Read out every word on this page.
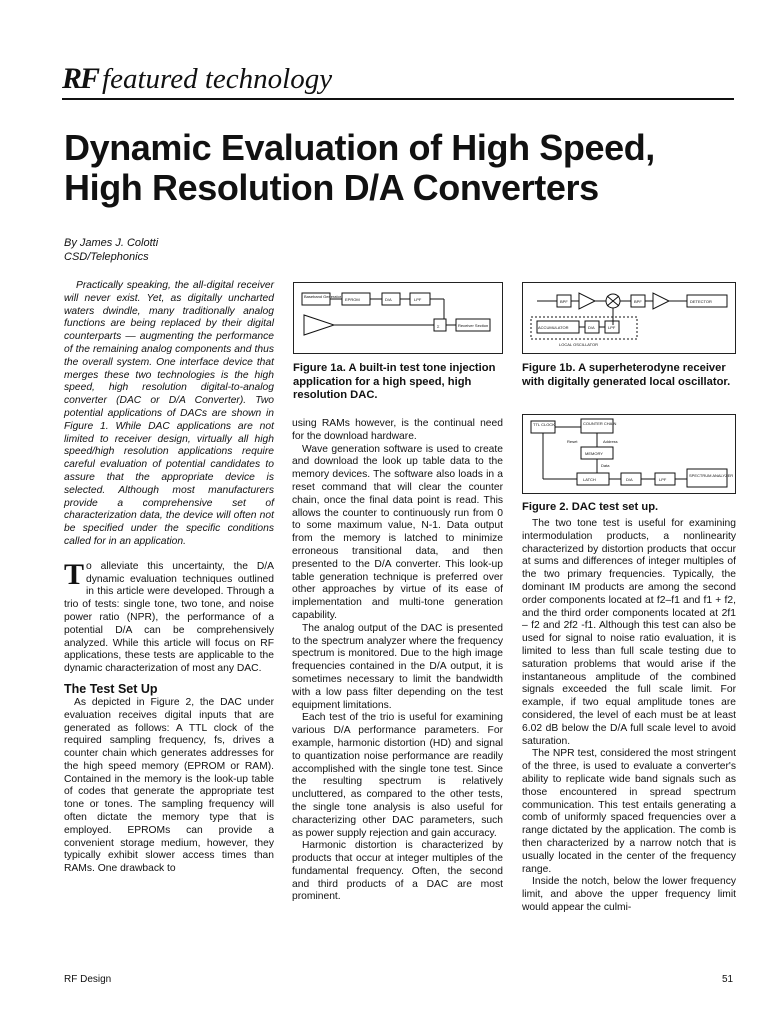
RF featured technology
Dynamic Evaluation of High Speed,
High Resolution D/A Converters
By James J. Colotti
CSD/Telephonics

Practically speaking, the all-digital receiver will never exist. Yet, as digitally uncharted waters dwindle, many traditionally analog functions are being replaced by their digital counterparts — augmenting the performance of the remaining analog components and thus the overall system. One interface device that merges these two technologies is the high speed, high resolution digital-to-analog converter (DAC or D/A Converter). Two potential applications of DACs are shown in Figure 1. While DAC applications are not limited to receiver design, virtually all high speed/high resolution applications require careful evaluation of potential candidates to assure that the appropriate device is selected. Although most manufacturers provide a comprehensive set of characterization data, the device will often not be specified under the specific conditions called for in an application.

To alleviate this uncertainty, the D/A dynamic evaluation techniques outlined in this article were developed. Through a trio of tests: single tone, two tone, and noise power ratio (NPR), the performance of a potential D/A can be comprehensively analyzed. While this article will focus on RF applications, these tests are applicable to the dynamic characterization of most any DAC.

The Test Set Up

As depicted in Figure 2, the DAC under evaluation receives digital inputs that are generated as follows: A TTL clock of the required sampling frequency, fs, drives a counter chain which generates addresses for the high speed memory (EPROM or RAM). Contained in the memory is the look-up table of codes that generate the appropriate test tone or tones. The sampling frequency will often dictate the memory type that is employed. EPROMs can provide a convenient storage medium, however, they typically exhibit slower access times than RAMs. One drawback to

Baseband Generator
EPROM	D/A	LPF
Σ	Receiver Section
Figure 1a. A built-in test tone injection application for a high speed, high resolution DAC.
BPF	BPF	DETECTOR
ACCUMULATOR	D/A	LPF
LOCAL OSCILLATOR
Figure 1b. A superheterodyne receiver with digitally generated local oscillator.
TTL CLOCK	COUNTER CHAIN
Reset	Address
MEMORY
Data
LATCH	D/A	LPF
SPECTRUM ANALYZER
Figure 2. DAC test set up.

using RAMs however, is the continual need for the download hardware.

Wave generation software is used to create and download the look up table data to the memory devices. The software also loads in a reset command that will clear the counter chain, once the final data point is read. This allows the counter to continuously run from 0 to some maximum value, N-1. Data output from the memory is latched to minimize erroneous transitional data, and then presented to the D/A converter. This look-up table generation technique is preferred over other approaches by virtue of its ease of implementation and multi-tone generation capability.

The analog output of the DAC is presented to the spectrum analyzer where the frequency spectrum is monitored. Due to the high image frequencies contained in the D/A output, it is sometimes necessary to limit the bandwidth with a low pass filter depending on the test equipment limitations.

Each test of the trio is useful for examining various D/A performance parameters. For example, harmonic distortion (HD) and signal to quantization noise performance are readily accomplished with the single tone test. Since the resulting spectrum is relatively uncluttered, as compared to the other tests, the single tone analysis is also useful for characterizing other DAC parameters, such as power supply rejection and gain accuracy.

Harmonic distortion is characterized by products that occur at integer multiples of the fundamental frequency. Often, the second and third products of a DAC are most prominent.

The two tone test is useful for examining intermodulation products, a nonlinearity characterized by distortion products that occur at sums and differences of integer multiples of the two primary frequencies. Typically, the dominant IM products are among the second order components located at f2–f1 and f1 + f2, and the third order components located at 2f1 – f2 and 2f2 -f1. Although this test can also be used for signal to noise ratio evaluation, it is limited to less than full scale testing due to saturation problems that would arise if the instantaneous amplitude of the combined signals exceeded the full scale limit. For example, if two equal amplitude tones are considered, the level of each must be at least 6.02 dB below the D/A full scale level to avoid saturation.

The NPR test, considered the most stringent of the three, is used to evaluate a converter's ability to replicate wide band signals such as those encountered in spread spectrum communication. This test entails generating a comb of uniformly spaced frequencies over a range dictated by the application. The comb is then characterized by a narrow notch that is usually located in the center of the frequency range.

Inside the notch, below the lower frequency limit, and above the upper frequency limit would appear the culmi-

RF Design	51
